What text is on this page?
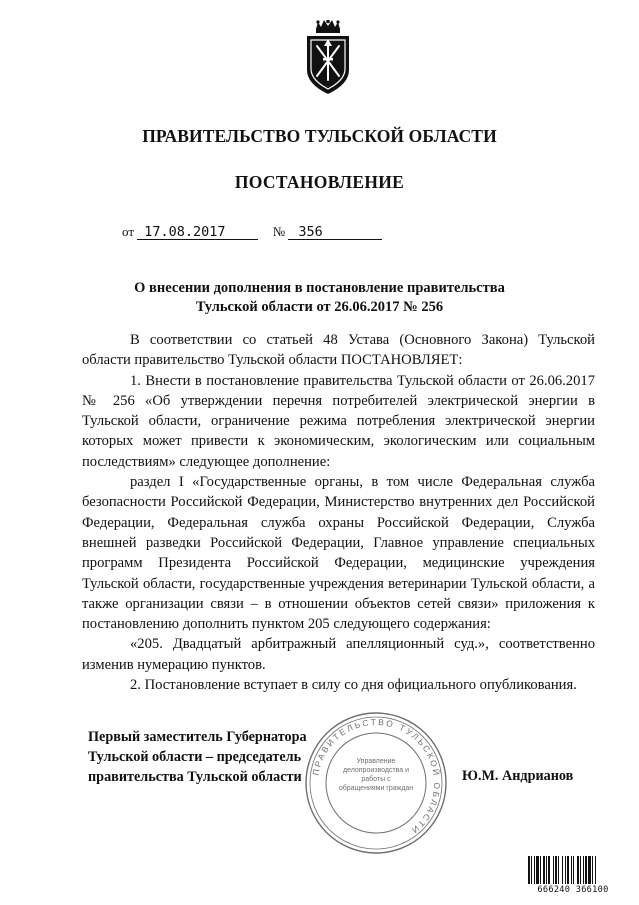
ПРАВИТЕЛЬСТВО ТУЛЬСКОЙ ОБЛАСТИ
ПОСТАНОВЛЕНИЕ
от 17.08.2017	№ 356
О внесении дополнения в постановление правительства
Тульской области от 26.06.2017 № 256

В соответствии со статьей 48 Устава (Основного Закона) Тульской области правительство Тульской области ПОСТАНОВЛЯЕТ:

1. Внести в постановление правительства Тульской области от 26.06.2017 № 256 «Об утверждении перечня потребителей электрической энергии в Тульской области, ограничение режима потребления электрической энергии которых может привести к экономическим, экологическим или социальным последствиям» следующее дополнение:

раздел I «Государственные органы, в том числе Федеральная служба безопасности Российской Федерации, Министерство внутренних дел Российской Федерации, Федеральная служба охраны Российской Федерации, Служба внешней разведки Российской Федерации, Главное управление специальных программ Президента Российской Федерации, медицинские учреждения Тульской области, государственные учреждения ветеринарии Тульской области, а также организации связи – в отношении объектов сетей связи» приложения к постановлению дополнить пунктом 205 следующего содержания:

«205. Двадцатый арбитражный апелляционный суд.», соответственно изменив нумерацию пунктов.

2. Постановление вступает в силу со дня официального опубликования.

ПРАВИТЕЛЬСТВО ТУЛЬСКОЙ ОБЛАСТИ
Управление делопроизводства и работы с обращениями граждан
Первый заместитель Губернатора
Тульской области – председатель
правительства Тульской области	Ю.М. Андрианов
666240 366100
